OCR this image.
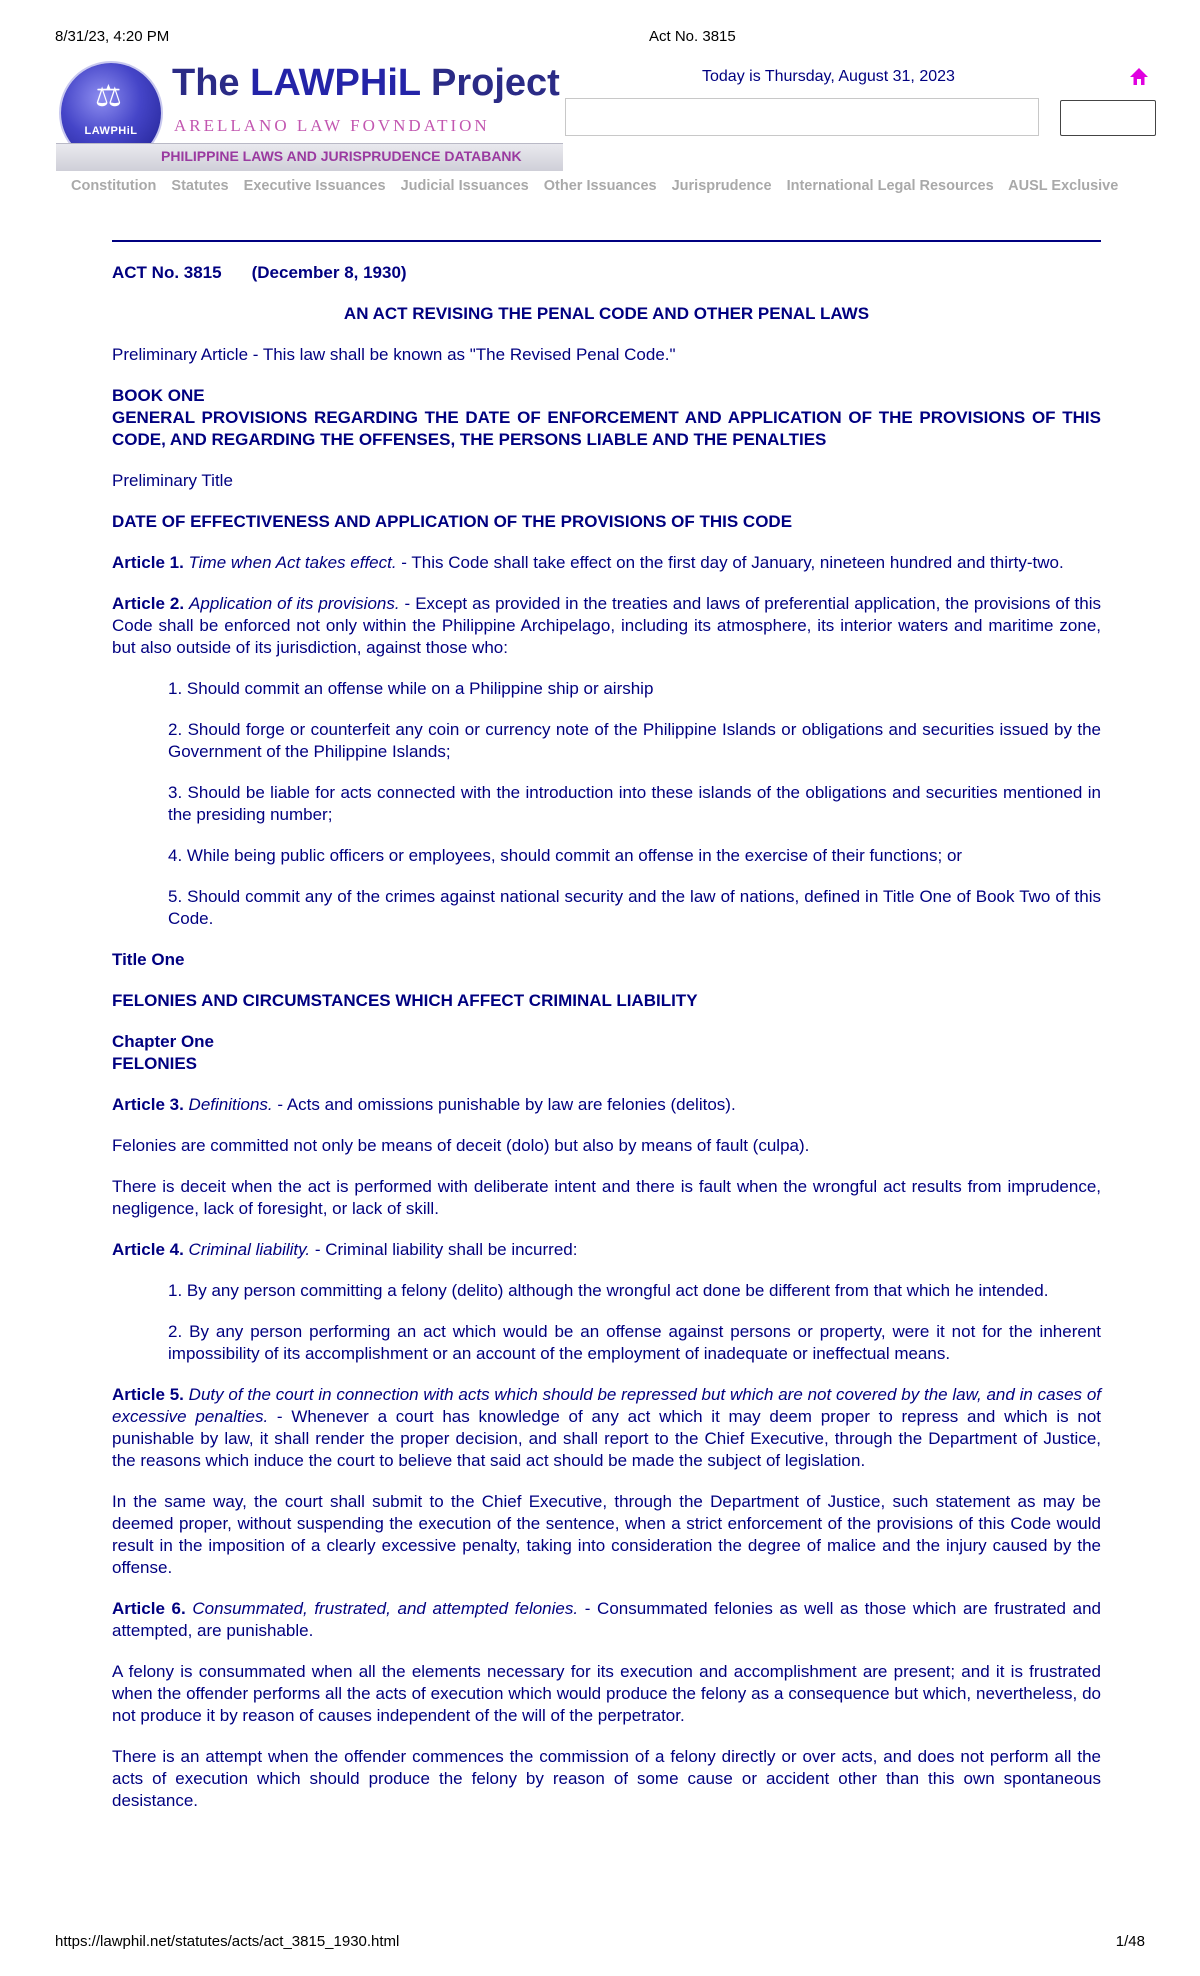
8/31/23, 4:20 PM	Act No. 3815
⚖
LAWPHiL
The LAWPHiL Project
ARELLANO LAW FOVNDATION
PHILIPPINE LAWS AND JURISPRUDENCE DATABANK
Today is Thursday, August 31, 2023
Constitution Statutes Executive Issuances Judicial Issuances Other Issuances Jurisprudence International Legal Resources AUSL Exclusive

ACT No. 3815 (December 8, 1930)

AN ACT REVISING THE PENAL CODE AND OTHER PENAL LAWS

Preliminary Article - This law shall be known as "The Revised Penal Code."

BOOK ONE
GENERAL PROVISIONS REGARDING THE DATE OF ENFORCEMENT AND APPLICATION OF THE PROVISIONS OF THIS CODE, AND REGARDING THE OFFENSES, THE PERSONS LIABLE AND THE PENALTIES

Preliminary Title

DATE OF EFFECTIVENESS AND APPLICATION OF THE PROVISIONS OF THIS CODE

Article 1. Time when Act takes effect. - This Code shall take effect on the first day of January, nineteen hundred and thirty-two.

Article 2. Application of its provisions. - Except as provided in the treaties and laws of preferential application, the provisions of this Code shall be enforced not only within the Philippine Archipelago, including its atmosphere, its interior waters and maritime zone, but also outside of its jurisdiction, against those who:

1. Should commit an offense while on a Philippine ship or airship

2. Should forge or counterfeit any coin or currency note of the Philippine Islands or obligations and securities issued by the Government of the Philippine Islands;

3. Should be liable for acts connected with the introduction into these islands of the obligations and securities mentioned in the presiding number;

4. While being public officers or employees, should commit an offense in the exercise of their functions; or

5. Should commit any of the crimes against national security and the law of nations, defined in Title One of Book Two of this Code.

Title One

FELONIES AND CIRCUMSTANCES WHICH AFFECT CRIMINAL LIABILITY

Chapter One
FELONIES

Article 3. Definitions. - Acts and omissions punishable by law are felonies (delitos).

Felonies are committed not only be means of deceit (dolo) but also by means of fault (culpa).

There is deceit when the act is performed with deliberate intent and there is fault when the wrongful act results from imprudence, negligence, lack of foresight, or lack of skill.

Article 4. Criminal liability. - Criminal liability shall be incurred:

1. By any person committing a felony (delito) although the wrongful act done be different from that which he intended.

2. By any person performing an act which would be an offense against persons or property, were it not for the inherent impossibility of its accomplishment or an account of the employment of inadequate or ineffectual means.

Article 5. Duty of the court in connection with acts which should be repressed but which are not covered by the law, and in cases of excessive penalties. - Whenever a court has knowledge of any act which it may deem proper to repress and which is not punishable by law, it shall render the proper decision, and shall report to the Chief Executive, through the Department of Justice, the reasons which induce the court to believe that said act should be made the subject of legislation.

In the same way, the court shall submit to the Chief Executive, through the Department of Justice, such statement as may be deemed proper, without suspending the execution of the sentence, when a strict enforcement of the provisions of this Code would result in the imposition of a clearly excessive penalty, taking into consideration the degree of malice and the injury caused by the offense.

Article 6. Consummated, frustrated, and attempted felonies. - Consummated felonies as well as those which are frustrated and attempted, are punishable.

A felony is consummated when all the elements necessary for its execution and accomplishment are present; and it is frustrated when the offender performs all the acts of execution which would produce the felony as a consequence but which, nevertheless, do not produce it by reason of causes independent of the will of the perpetrator.

There is an attempt when the offender commences the commission of a felony directly or over acts, and does not perform all the acts of execution which should produce the felony by reason of some cause or accident other than this own spontaneous desistance.

https://lawphil.net/statutes/acts/act_3815_1930.html	1/48
